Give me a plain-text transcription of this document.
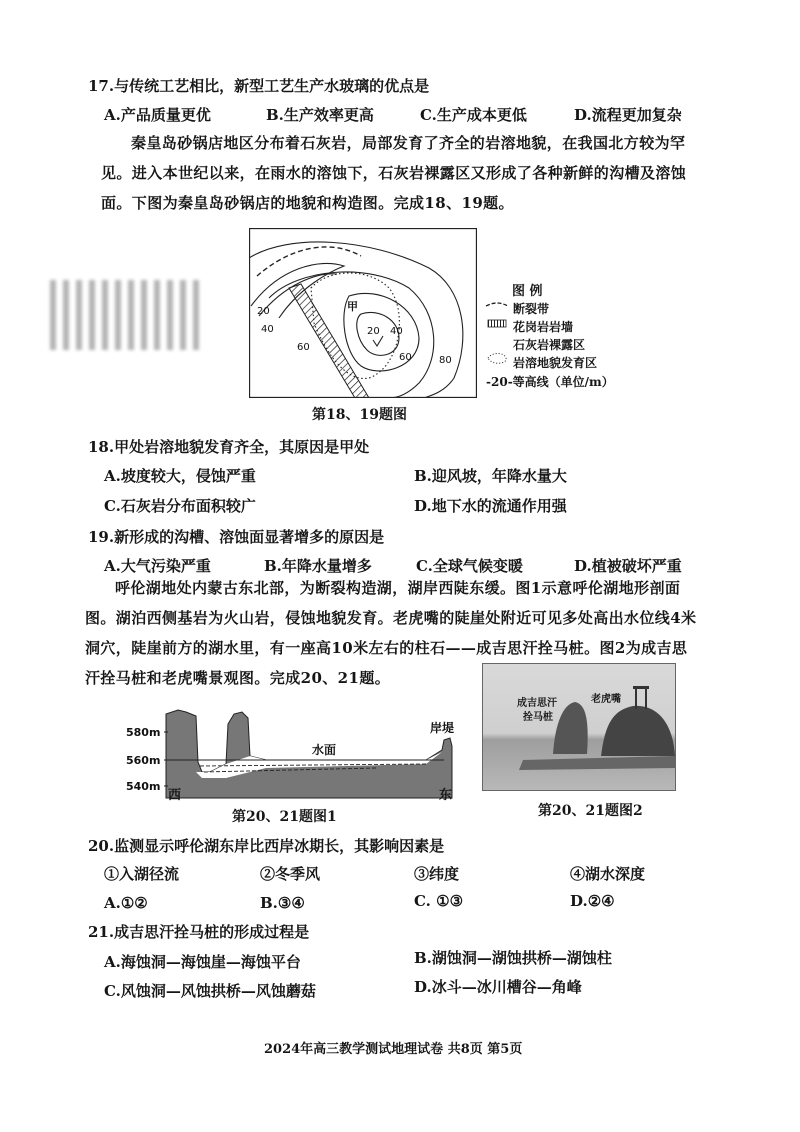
17.与传统工艺相比，新型工艺生产水玻璃的优点是
A.产品质量更优	B.生产效率更高	C.生产成本更低	D.流程更加复杂
秦皇岛砂锅店地区分布着石灰岩，局部发育了齐全的岩溶地貌，在我国北方较为罕见。进入本世纪以来，在雨水的溶蚀下，石灰岩裸露区又形成了各种新鲜的沟槽及溶蚀面。下图为秦皇岛砂锅店的地貌和构造图。完成18、19题。
甲
20
40
60
20 40
60	80
图 例
断裂带
花岗岩岩墙
石灰岩裸露区
岩溶地貌发育区
-20-等高线（单位/m）
第18、19题图
18.甲处岩溶地貌发育齐全，其原因是甲处
A.坡度较大，侵蚀严重	B.迎风坡，年降水量大
C.石灰岩分布面积较广	D.地下水的流通作用强
19.新形成的沟槽、溶蚀面显著增多的原因是
A.大气污染严重	B.年降水量增多	C.全球气候变暖	D.植被破坏严重
呼伦湖地处内蒙古东北部，为断裂构造湖，湖岸西陡东缓。图1示意呼伦湖地形剖面图。湖泊西侧基岩为火山岩，侵蚀地貌发育。老虎嘴的陡崖处附近可见多处高出水位线4米洞穴，陡崖前方的湖水里，有一座高10米左右的柱石——成吉思汗拴马桩。图2为成吉思汗拴马桩和老虎嘴景观图。完成20、21题。
580m
560m
540m
水面
岸堤
西	东
第20、21题图1
成吉思汗
拴马桩
老虎嘴
第20、21题图2
20.监测显示呼伦湖东岸比西岸冰期长，其影响因素是
①入湖径流	②冬季风	③纬度	④湖水深度
A.①②	B.③④	C. ①③	D.②④
21.成吉思汗拴马桩的形成过程是
A.海蚀洞—海蚀崖—海蚀平台	B.湖蚀洞—湖蚀拱桥—湖蚀柱
C.风蚀洞—风蚀拱桥—风蚀蘑菇	D.冰斗—冰川槽谷—角峰
2024年高三教学测试地理试卷 共8页 第5页
